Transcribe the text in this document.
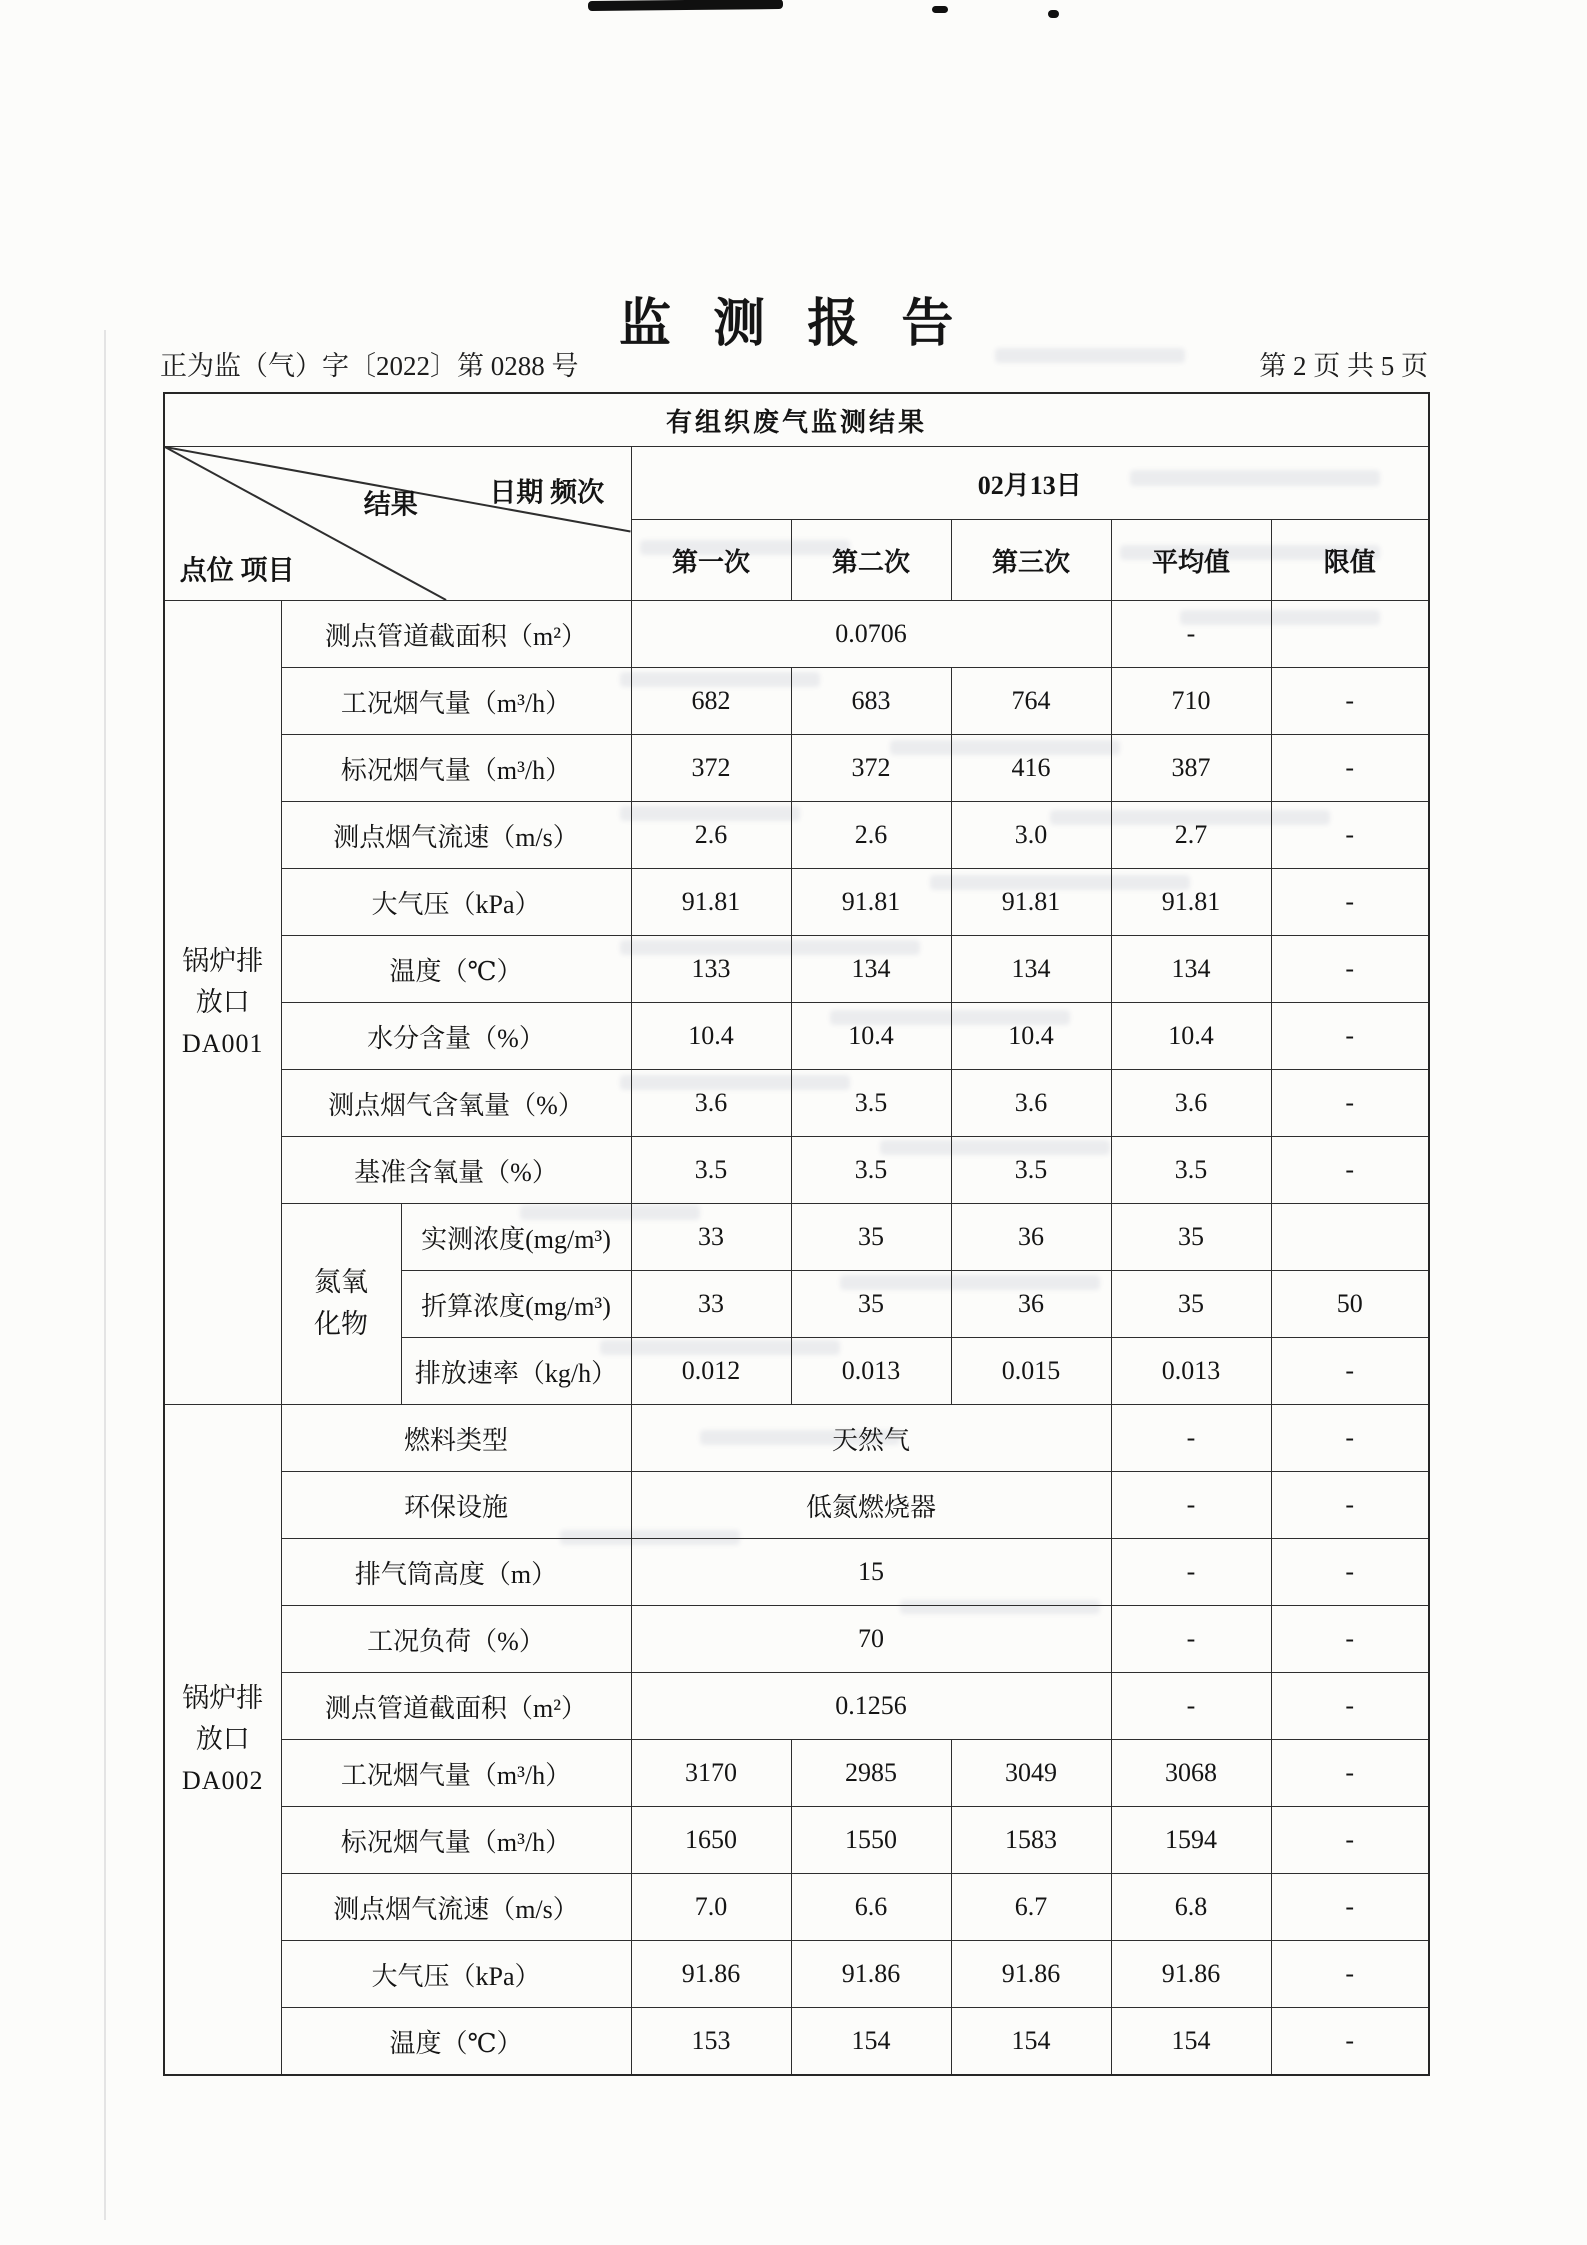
监 测 报 告
正为监（气）字〔2022〕第 0288 号	第 2 页 共 5 页
有组织废气监测结果							

结果 日期 频次
点位 项目			02月13日				
			第一次	第二次	第三次	平均值	限值

锅炉排放口
DA001	测点管道截面积（m²）		0.0706			-	
	工况烟气量（m³/h）		682	683	764	710	-
	标况烟气量（m³/h）		372	372	416	387	-
	测点烟气流速（m/s）		2.6	2.6	3.0	2.7	-
	大气压（kPa）		91.81	91.81	91.81	91.81	-
	温度（℃）		133	134	134	134	-
	水分含量（%）		10.4	10.4	10.4	10.4	-
	测点烟气含氧量（%）		3.6	3.5	3.6	3.6	-
	基准含氧量（%）		3.5	3.5	3.5	3.5	-

	氮氧化物	实测浓度(mg/m³)	33	35	36	35	
		折算浓度(mg/m³)	33	35	36	35	50
		排放速率（kg/h）	0.012	0.013	0.015	0.013	-

锅炉排放口
DA002	燃料类型		天然气			-	-
	环保设施		低氮燃烧器			-	-
	排气筒高度（m）		15			-	-
	工况负荷（%）		70			-	-
	测点管道截面积（m²）		0.1256			-	-
	工况烟气量（m³/h）		3170	2985	3049	3068	-
	标况烟气量（m³/h）		1650	1550	1583	1594	-
	测点烟气流速（m/s）		7.0	6.6	6.7	6.8	-
	大气压（kPa）		91.86	91.86	91.86	91.86	-
	温度（℃）		153	154	154	154	-
